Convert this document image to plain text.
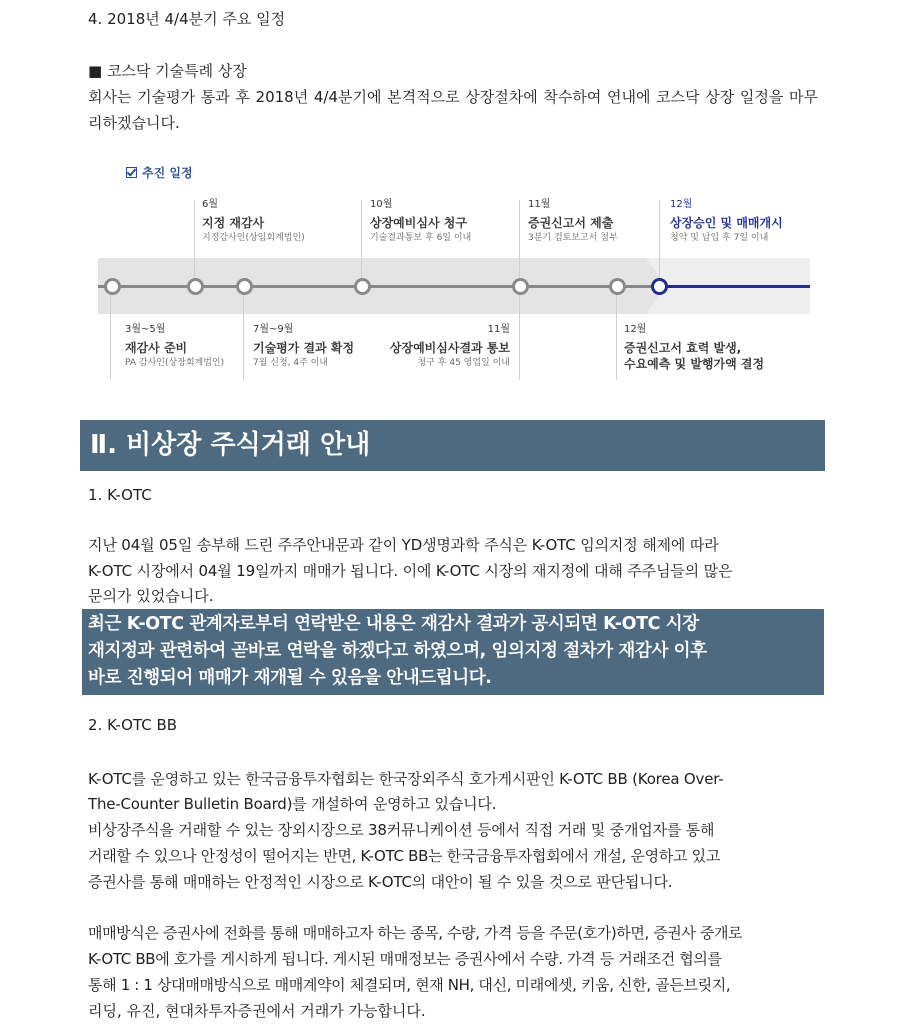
4. 2018년 4/4분기 주요 일정
■ 코스닥 기술특례 상장
회사는 기술평가 통과 후 2018년 4/4분기에 본격적으로 상장절차에 착수하여 연내에 코스닥 상장 일정을 마무리하겠습니다.
추진 일정
6월
지정 재감사
지정감사인(상임회계법인)
10월
상장예비심사 청구
기술결과통보 후 6일 이내
11월
증권신고서 제출
3분기 검토보고서 첨부
12월
상장승인 및 매매개시
청약 및 납입 후 7일 이내
3월~5월
재감사 준비
PA 감사인(상장회계법인)
7월~9월
기술평가 결과 확정
7월 신청, 4주 이내
11월
상장예비심사결과 통보
청구 후 45 영업일 이내
12월
증권신고서 효력 발생,
수요예측 및 발행가액 결정
Ⅱ. 비상장 주식거래 안내
1. K-OTC
지난 04월 05일 송부해 드린 주주안내문과 같이 YD생명과학 주식은 K-OTC 임의지정 해제에 따라
K-OTC 시장에서 04월 19일까지 매매가 됩니다. 이에 K-OTC 시장의 재지정에 대해 주주님들의 많은
문의가 있었습니다.
최근 K-OTC 관계자로부터 연락받은 내용은 재감사 결과가 공시되면 K-OTC 시장
재지정과 관련하여 곧바로 연락을 하겠다고 하였으며, 임의지정 절차가 재감사 이후
바로 진행되어 매매가 재개될 수 있음을 안내드립니다.
2. K-OTC BB
K-OTC를 운영하고 있는 한국금융투자협회는 한국장외주식 호가게시판인 K-OTC BB (Korea Over-
The-Counter Bulletin Board)를 개설하여 운영하고 있습니다.
비상장주식을 거래할 수 있는 장외시장으로 38커뮤니케이션 등에서 직접 거래 및 중개업자를 통해
거래할 수 있으나 안정성이 떨어지는 반면, K-OTC BB는 한국금융투자협회에서 개설, 운영하고 있고
증권사를 통해 매매하는 안정적인 시장으로 K-OTC의 대안이 될 수 있을 것으로 판단됩니다.
매매방식은 증권사에 전화를 통해 매매하고자 하는 종목, 수량, 가격 등을 주문(호가)하면, 증권사 중개로
K-OTC BB에 호가를 게시하게 됩니다. 게시된 매매정보는 증권사에서 수량. 가격 등 거래조건 협의를
통해 1 : 1 상대매매방식으로 매매계약이 체결되며, 현재 NH, 대신, 미래에셋, 키움, 신한, 골든브릿지,
리딩, 유진, 현대차투자증권에서 거래가 가능합니다.
